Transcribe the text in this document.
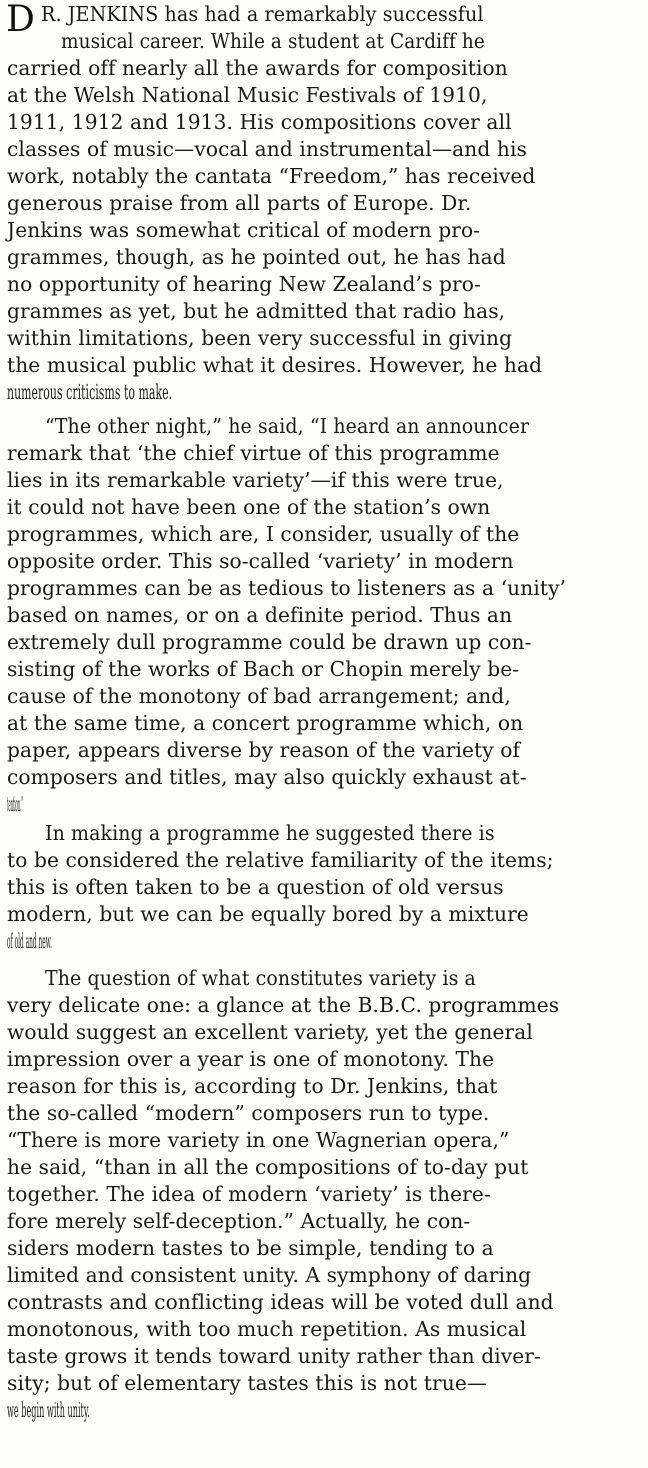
D R. JENKINS has had a remarkably successful

musical career. While a student at Cardiff he

carried off nearly all the awards for composition

at the Welsh National Music Festivals of 1910,

1911, 1912 and 1913. His compositions cover all

classes of music—vocal and instrumental—and his

work, notably the cantata “Freedom,” has received

generous praise from all parts of Europe. Dr.

Jenkins was somewhat critical of modern pro-

grammes, though, as he pointed out, he has had

no opportunity of hearing New Zealand’s pro-

grammes as yet, but he admitted that radio has,

within limitations, been very successful in giving

the musical public what it desires. However, he had

numerous criticisms to make.

“The other night,” he said, “I heard an announcer

remark that ‘the chief virtue of this programme

lies in its remarkable variety’—if this were true,

it could not have been one of the station’s own

programmes, which are, I consider, usually of the

opposite order. This so-called ‘variety’ in modern

programmes can be as tedious to listeners as a ‘unity’

based on names, or on a definite period. Thus an

extremely dull programme could be drawn up con-

sisting of the works of Bach or Chopin merely be-

cause of the monotony of bad arrangement; and,

at the same time, a concert programme which, on

paper, appears diverse by reason of the variety of

composers and titles, may also quickly exhaust at-

tention.”

In making a programme he suggested there is

to be considered the relative familiarity of the items;

this is often taken to be a question of old versus

modern, but we can be equally bored by a mixture

of old and new.

The question of what constitutes variety is a

very delicate one: a glance at the B.B.C. programmes

would suggest an excellent variety, yet the general

impression over a year is one of monotony. The

reason for this is, according to Dr. Jenkins, that

the so-called “modern” composers run to type.

“There is more variety in one Wagnerian opera,”

he said, “than in all the compositions of to-day put

together. The idea of modern ‘variety’ is there-

fore merely self-deception.” Actually, he con-

siders modern tastes to be simple, tending to a

limited and consistent unity. A symphony of daring

contrasts and conflicting ideas will be voted dull and

monotonous, with too much repetition. As musical

taste grows it tends toward unity rather than diver-

sity; but of elementary tastes this is not true—

we begin with unity.
